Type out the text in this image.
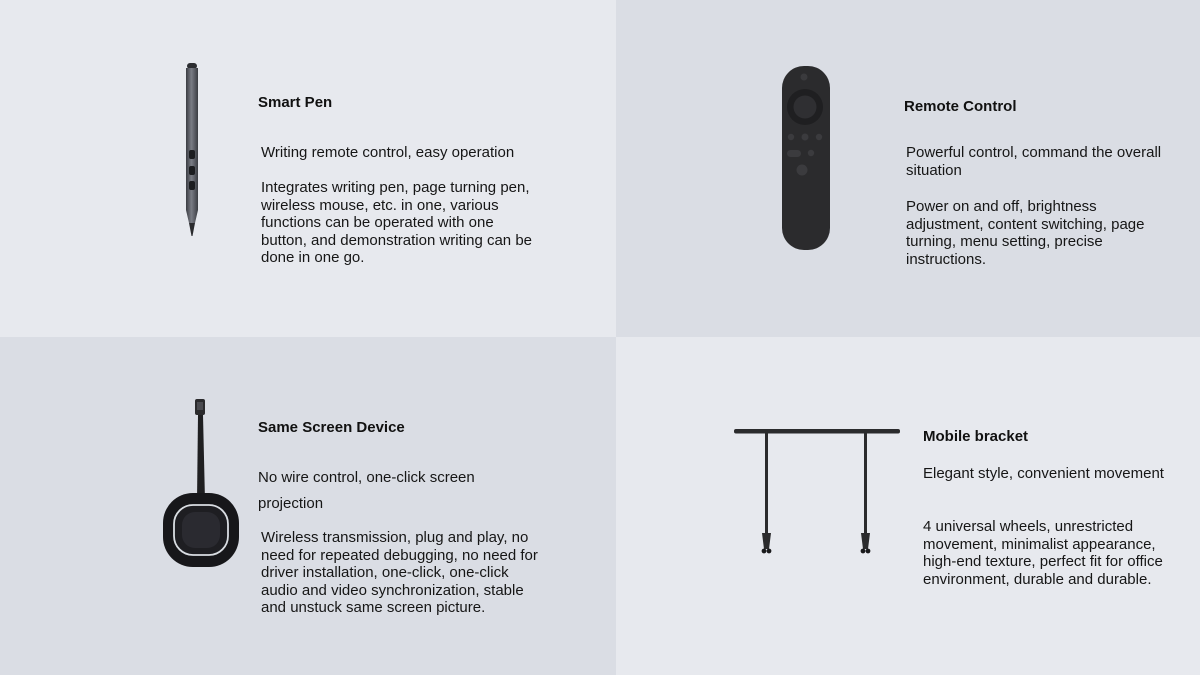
Smart Pen

Writing remote control, easy operation

Integrates writing pen, page turning pen, wireless mouse, etc. in one, various functions can be operated with one button, and demonstration writing can be done in one go.

Remote Control

Powerful control, command the overall situation

Power on and off, brightness adjustment, content switching, page turning, menu setting, precise instructions.

Same Screen Device

No wire control, one-click screen projection

Wireless transmission, plug and play, no need for repeated debugging, no need for driver installation, one-click, one-click audio and video synchronization, stable and unstuck same screen picture.

Mobile bracket

Elegant style, convenient movement

4 universal wheels, unrestricted movement, minimalist appearance, high-end texture, perfect fit for office environment, durable and durable.
